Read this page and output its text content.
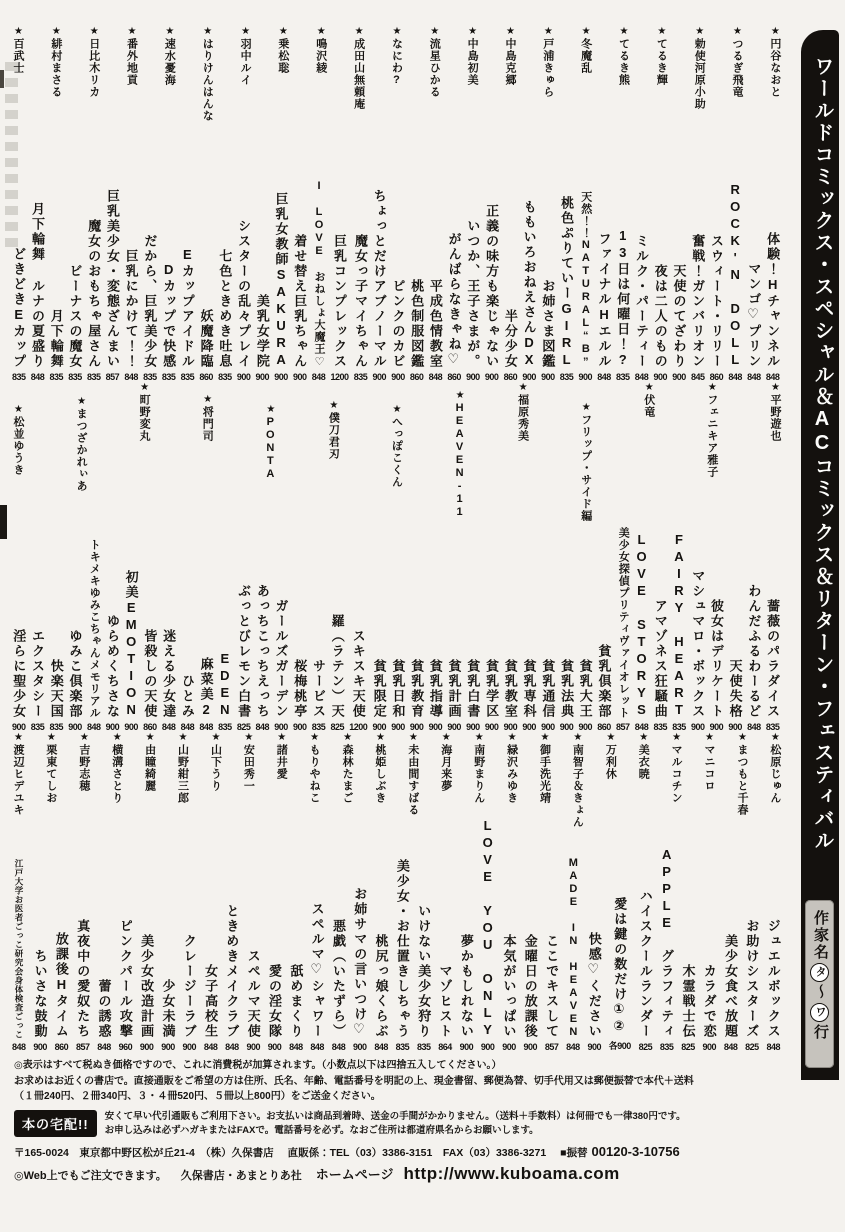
ワールドコミックス・スペシャル＆ACコミックス＆リターン・フェスティバル
作家名タ〜ワ行
★円谷なおと
★つるぎ飛竜
★勅使河原小助
★てるき輝
★てるき熊
★冬魔乱
★戸浦きゅら
★中島克郷
★中島初美
★流星ひかる
★なにわ?
★成田山無頼庵
★鳴沢綾
★乗松聡
★羽中ルイ
★はりけんはんな
★速水憂海
★番外地貢
★日比木リカ
★緋村まさる
★百武士
体験！Hチャンネル
848
マンゴ♡プリン
848
ROCK'N DOLL
848
スウィート・リリー
860
奮戦！ガンバリオン
845
天使のてざわり
900
夜は二人のもの
900
ミルク・パーティー
848
13日は何曜日！?
835
ファイナルHエルル
848
天然！！NATURAL“B”
900
桃色ぷりていーGIRL
835
お姉さま図鑑
900
ももいろおねえさんDX
900
半分少女
860
正義の味方も楽じゃない
900
いつか、王子さまが。
900
がんばらなきゃね♡
860
平成色情教室
848
桃色制服図鑑
860
ピンクのカビ
900
ちょっとだけアブノーマル
900
魔女っ子マイちゃん
835
巨乳コンプレックス
1200
I LOVE おねしょ大魔王♡
848
着せ替え巨乳ちゃん
900
巨乳女教師SAKURA
900
美乳女学院
900
シスターの乱々プレイ
900
七色ときめき吐息
835
妖魔降臨
860
Eカップアイドル
835
Dカップで快感
835
だから、巨乳美少女
835
巨乳にかけて！！
848
巨乳美少女・変態ざんまい
857
魔女のおもちゃ屋さん
835
ビーナスの魔女
835
月下輪舞
835
月下輪舞 ルナの夏盛り
848
どきどきEカップ
835
★平野遊也
★フェニキア雅子
★伏竜
★フリップ・サイド編
★福原秀美
★HEAVEN-11
★へっぽこくん
★僕刀君刃
★PONTA
★将門司
★町野変丸
★まつざかれぃあ
★松並ゆうき
薔薇のパラダイス
835
わんだふるわーるど
848
天使失格
900
彼女はデリケート
900
マシュマロ・ボックス
900
FAIRY HEART
835
アマゾネス狂騒曲
835
LOVE STORYS
848
美少女探偵プリティヴァイオレット
857
貧乳倶楽部
860
貧乳大王
900
貧乳法典
900
貧乳通信
900
貧乳専科
900
貧乳教室
900
貧乳学区
900
貧乳白書
900
貧乳計画
900
貧乳指導
900
貧乳教育
900
貧乳日和
900
貧乳限定
900
スキスキ天使
1200
羅（ラテン）天
825
サービス
835
桜梅桃亭
900
ガールズガーデン
900
あっちこっちえっち
848
ぶっとびレモン白書
825
EDEN
835
麻菜美2
848
ひとみ
848
迷える少女達
848
皆殺しの天使
860
初美EMOTION
900
ゆらめくちさな
900
トキメキゆみこちゃんメモリアル
848
ゆみこ倶楽部
900
快楽天国
835
エクスタシー
835
淫らに聖少女
900
★松原じゅん
★まつもと千春
★マニコロ
★マルコチン
★美衣暁
★万利休
★南智子＆きょん
★御手洗光靖
★緑沢みゆき
★南野まりん
★海月来夢
★未由間すばる
★桃姫しぶき
★森林たまご
★もりやねこ
★諸井愛
★安田秀一
★山下うり
★山野紺三郎
★由瞳綺麗
★横溝さとり
★吉野志穂
★栗東てしお
★渡辺ヒデユキ
ジュエルボックス
848
お助けシスターズ
825
美少女食べ放題
848
カラダで恋
900
木霊戦士伝
825
APPLE グラフィティ
835
ハイスクールランダー
825
愛は鍵の数だけ①②
各900
快感♡ください
900
MADE IN HEAVEN
848
ここでキスして
857
金曜日の放課後
900
本気がいっぱい
900
LOVE YOU ONLY
900
夢かもしれない
900
マゾヒスト
864
いけない美少女狩り
835
美少女・お仕置きしちゃう
835
桃尻っ娘くらぶ
848
お姉サマの言いつけ♡
900
悪戯（いたずら）
848
スペルマ♡シャワー
848
舐めまくり
848
愛の淫女隊
900
スペルマ天使
900
ときめきメイクラブ
848
女子高校生
848
クレージーラブ
900
少女未満
900
美少女改造計画
900
ピンクパール攻撃
960
蕾の誘惑
848
真夜中の愛奴たち
857
放課後Hタイム
860
ちいさな鼓動
900
江戸大学お医者ごっこ研究会身体検査ごっこ
848

◎表示はすべて税ぬき価格ですので、これに消費税が加算されます。（小数点以下は四捨五入してください。）
お求めはお近くの書店で。直接通販をご希望の方は住所、氏名、年齢、電話番号を明記の上、現金書留、郵便為替、切手代用又は郵便振替で本代＋送料
（１冊240円、２冊340円、３・４冊520円、５冊以上800円）をご送金ください。

本の宅配!!
安くて早い代引通販もご利用下さい。お支払いは商品到着時、送金の手間がかかりません。（送料＋手数料）は何冊でも一律380円です。
お申し込みは必ずハガキまたはFAXで。電話番号を必ず。なおご住所は都道府県名からお願いします。
〒165-0024　東京都中野区松が丘21-4　（株）久保書店 直販係：TEL（03）3386-3151　FAX（03）3386-3271 ■振替 00120-3-10756
◎Web上でもご注文できます。 久保書店・あまとりあ社 ホームページ http://www.kuboama.com
